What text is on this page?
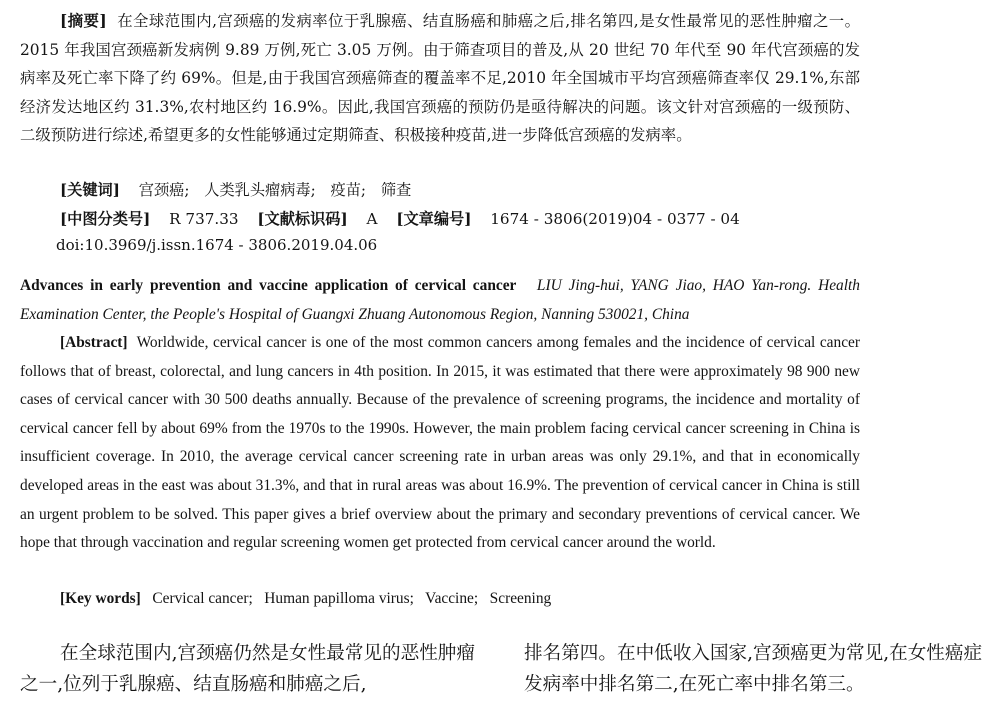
[摘要] 在全球范围内,宫颈癌的发病率位于乳腺癌、结直肠癌和肺癌之后,排名第四,是女性最常见的恶性肿瘤之一。2015 年我国宫颈癌新发病例 9.89 万例,死亡 3.05 万例。由于筛查项目的普及,从 20 世纪 70 年代至 90 年代宫颈癌的发病率及死亡率下降了约 69%。但是,由于我国宫颈癌筛查的覆盖率不足,2010 年全国城市平均宫颈癌筛查率仅 29.1%,东部经济发达地区约 31.3%,农村地区约 16.9%。因此,我国宫颈癌的预防仍是亟待解决的问题。该文针对宫颈癌的一级预防、二级预防进行综述,希望更多的女性能够通过定期筛查、积极接种疫苗,进一步降低宫颈癌的发病率。

[关键词] 宫颈癌; 人类乳头瘤病毒; 疫苗; 筛查

[中图分类号] R 737.33 [文献标识码] A [文章编号] 1674 - 3806(2019)04 - 0377 - 04

doi:10.3969/j.issn.1674 - 3806.2019.04.06

Advances in early prevention and vaccine application of cervical cancer LIU Jing-hui, YANG Jiao, HAO Yan-rong. Health Examination Center, the People's Hospital of Guangxi Zhuang Autonomous Region, Nanning 530021, China

[Abstract] Worldwide, cervical cancer is one of the most common cancers among females and the incidence of cervical cancer follows that of breast, colorectal, and lung cancers in 4th position. In 2015, it was estimated that there were approximately 98 900 new cases of cervical cancer with 30 500 deaths annually. Because of the prevalence of screening programs, the incidence and mortality of cervical cancer fell by about 69% from the 1970s to the 1990s. However, the main problem facing cervical cancer screening in China is insufficient coverage. In 2010, the average cervical cancer screening rate in urban areas was only 29.1%, and that in economically developed areas in the east was about 31.3%, and that in rural areas was about 16.9%. The prevention of cervical cancer in China is still an urgent problem to be solved. This paper gives a brief overview about the primary and secondary preventions of cervical cancer. We hope that through vaccination and regular screening women get protected from cervical cancer around the world.

[Key words] Cervical cancer;   Human papilloma virus;   Vaccine;   Screening

在全球范围内,宫颈癌仍然是女性最常见的恶性肿瘤之一,位列于乳腺癌、结直肠癌和肺癌之后,

排名第四。在中低收入国家,宫颈癌更为常见,在女性癌症发病率中排名第二,在死亡率中排名第三。
